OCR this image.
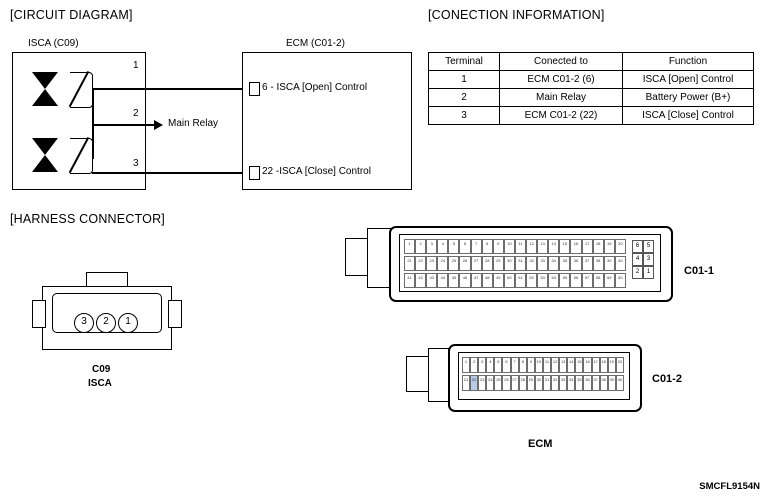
[CIRCUIT DIAGRAM]
ISCA (C09)	ECM (C01-2)
1
3
2
Main Relay
6 - ISCA [Open] Control
22 -ISCA [Close] Control
[CONECTION INFORMATION]
Terminal	Conected to	Function
1	ECM C01-2 (6)	ISCA [Open] Control
2	Main Relay	Battery Power (B+)
3	ECM C01-2 (22)	ISCA [Close] Control
[HARNESS CONNECTOR]
3	2	1
C09
ISCA
1	2	3	4	5	6	7	8	9	10	11	12	13	14	15	16	17	18	19	20
21	22	23	24	25	26	27	28	29	30	31	32	33	34	35	36	37	38	39	40
41	42	43	44	45	46	47	48	49	50	51	52	53	54	55	56	57	58	59	60
6	5
4	3
2	1	C01-1
1	2	3	4	5	6	7	8	9	10 11 12 13 14 15 16 17 18 19 20
21 22 23 24 25 26 27 28 29 30 31 32 33 34 35 36 37 38 39 40	C01-2
ECM
SMCFL9154N
